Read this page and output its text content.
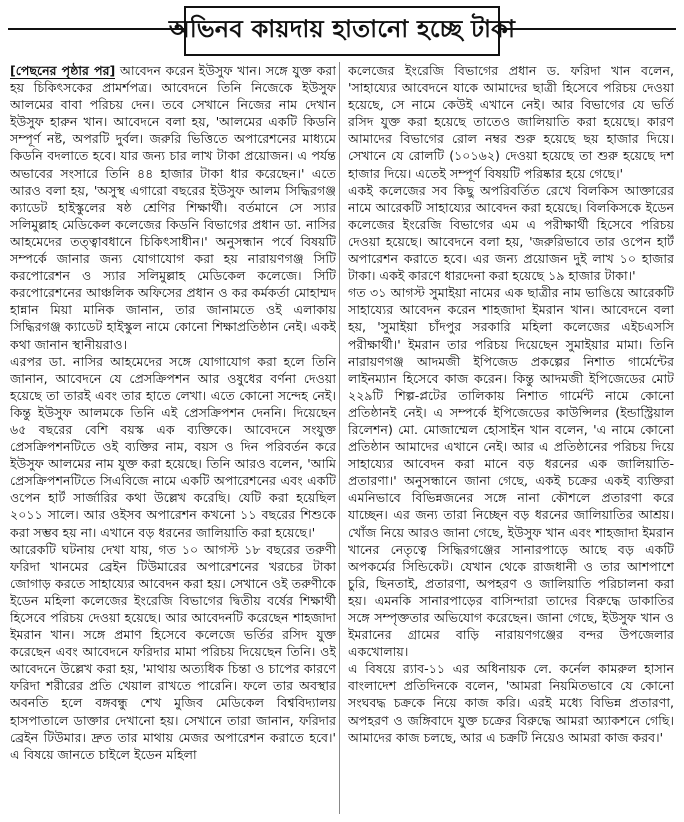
অভিনব কায়দায় হাতানো হচ্ছে টাকা

[পেছনের পৃষ্ঠার পর] আবেদন করেন ইউসুফ খান। সঙ্গে যুক্ত করা হয় চিকিৎসকের প্রামর্শপত্র। আবেদনে তিনি নিজেকে ইউসুফ আলমের বাবা পরিচয় দেন। তবে সেখানে নিজের নাম দেখান ইউসুফ হারুন খান। আবেদনে বলা হয়, 'আলমের একটি কিডনি সম্পূর্ণ নষ্ট, অপরটি দুর্বল। জরুরি ভিত্তিতে অপারেশনের মাধ্যমে কিডনি বদলাতে হবে। যার জন্য চার লাখ টাকা প্রয়োজন। এ পর্যন্ত অভাবের সংসারে তিনি ৪৪ হাজার টাকা ধার করেছেন।' এতে আরও বলা হয়, 'অসুস্থ এগারো বছরের ইউসুফ আলম সিদ্ধিরগঞ্জ ক্যাডেট হাইস্কুলের ষষ্ঠ শ্রেণির শিক্ষার্থী। বর্তমানে সে স্যার সলিমুল্লাহ মেডিকেল কলেজের কিডনি বিভাগের প্রধান ডা. নাসির আহমেদের তত্ত্বাবধানে চিকিৎসাধীন।' অনুসন্ধান পর্বে বিষয়টি সম্পর্কে জানার জন্য যোগাযোগ করা হয় নারায়ণগঞ্জ সিটি করপোরেশন ও স্যার সলিমুল্লাহ মেডিকেল কলেজে। সিটি করপোরেশনের আঞ্চলিক অফিসের প্রধান ও কর কর্মকর্তা মোহাম্মদ হান্নান মিয়া মানিক জানান, তার জানামতে ওই এলাকায় সিদ্ধিরগঞ্জ ক্যাডেট হাইস্কুল নামে কোনো শিক্ষাপ্রতিষ্ঠান নেই। একই কথা জানান স্থানীয়রাও।

এরপর ডা. নাসির আহমেদের সঙ্গে যোগাযোগ করা হলে তিনি জানান, আবেদনে যে প্রেসক্রিপশন আর ওষুধের বর্ণনা দেওয়া হয়েছে তা তারই এবং তার হাতে লেখা। এতে কোনো সন্দেহ নেই। কিন্তু ইউসুফ আলমকে তিনি এই প্রেসক্রিপশন দেননি। দিয়েছেন ৬৫ বছরের বেশি বয়স্ক এক ব্যক্তিকে। আবেদনে সংযুক্ত প্রেসক্রিপশনটিতে ওই ব্যক্তির নাম, বয়স ও দিন পরিবর্তন করে ইউসুফ আলমের নাম যুক্ত করা হয়েছে। তিনি আরও বলেন, 'আমি প্রেসক্রিপশনটিতে সিএবিজে নামে একটি অপারেশনের এবং একটি ওপেন হার্ট সার্জারির কথা উল্লেখ করেছি। যেটি করা হয়েছিল ২০১১ সালে। আর ওইসব অপারেশন কখনো ১১ বছরের শিশুকে করা সম্ভব হয় না। এখানে বড় ধরনের জালিয়াতি করা হয়েছে।'

আরেকটি ঘটনায় দেখা যায়, গত ১০ আগস্ট ১৮ বছরের তরুণী ফরিদা খানমের ব্রেইন টিউমারের অপারেশনের খরচের টাকা জোগাড় করতে সাহায্যের আবেদন করা হয়। সেখানে ওই তরুণীকে ইডেন মহিলা কলেজের ইংরেজি বিভাগের দ্বিতীয় বর্ষের শিক্ষার্থী হিসেবে পরিচয় দেওয়া হয়েছে। আর আবেদনটি করেছেন শাহজাদা ইমরান খান। সঙ্গে প্রমাণ হিসেবে কলেজে ভর্তির রসিদ যুক্ত করেছেন এবং আবেদনে ফরিদার মামা পরিচয় দিয়েছেন তিনি। ওই আবেদনে উল্লেখ করা হয়, 'মাথায় অত্যধিক চিন্তা ও চাপের কারণে ফরিদা শরীরের প্রতি খেয়াল রাখতে পারেনি। ফলে তার অবস্থার অবনতি হলে বঙ্গবন্ধু শেখ মুজিব মেডিকেল বিশ্ববিদ্যালয় হাসপাতালে ডাক্তার দেখানো হয়। সেখানে তারা জানান, ফরিদার ব্রেইন টিউমার। দ্রুত তার মাথায় মেজর অপারেশন করাতে হবে।' এ বিষয়ে জানতে চাইলে ইডেন মহিলা

কলেজের ইংরেজি বিভাগের প্রধান ড. ফরিদা খান বলেন, 'সাহায্যের আবেদনে যাকে আমাদের ছাত্রী হিসেবে পরিচয় দেওয়া হয়েছে, সে নামে কেউই এখানে নেই। আর বিভাগের যে ভর্তি রসিদ যুক্ত করা হয়েছে তাতেও জালিয়াতি করা হয়েছে। কারণ আমাদের বিভাগের রোল নম্বর শুরু হয়েছে ছয় হাজার দিয়ে। সেখানে যে রোলটি (১০১৬২) দেওয়া হয়েছে তা শুরু হয়েছে দশ হাজার দিয়ে। এতেই সম্পূর্ণ বিষয়টি পরিষ্কার হয়ে গেছে।'

একই কলেজের সব কিছু অপরিবর্তিত রেখে বিলকিস আক্তারের নামে আরেকটি সাহায্যের আবেদন করা হয়েছে। বিলকিসকে ইডেন কলেজের ইংরেজি বিভাগের এম এ পরীক্ষার্থী হিসেবে পরিচয় দেওয়া হয়েছে। আবেদনে বলা হয়, 'জরুরিভাবে তার ওপেন হার্ট অপারেশন করাতে হবে। এর জন্য প্রয়োজন দুই লাখ ১০ হাজার টাকা। একই কারণে ধারদেনা করা হয়েছে ১৯ হাজার টাকা।'

গত ৩১ আগস্ট সুমাইয়া নামের এক ছাত্রীর নাম ভাঙিয়ে আরেকটি সাহায্যের আবেদন করেন শাহজাদা ইমরান খান। আবেদনে বলা হয়, 'সুমাইয়া চাঁদপুর সরকারি মহিলা কলেজের এইচএসসি পরীক্ষার্থী।' ইমরান তার পরিচয় দিয়েছেন সুমাইয়ার মামা। তিনি নারায়ণগঞ্জ আদমজী ইপিজেড প্রকল্পের নিশাত গার্মেন্টের লাইনম্যান হিসেবে কাজ করেন। কিন্তু আদমজী ইপিজেডের মোট ২২৯টি শিল্প-প্লটের তালিকায় নিশাত গার্মেন্ট নামে কোনো প্রতিষ্ঠানই নেই। এ সম্পর্কে ইপিজেডের কাউন্সিলর (ইন্ডাস্ট্রিয়াল রিলেশন) মো. মোজাম্মেল হোসাইন খান বলেন, 'এ নামে কোনো প্রতিষ্ঠান আমাদের এখানে নেই। আর এ প্রতিষ্ঠানের পরিচয় দিয়ে সাহায্যের আবেদন করা মানে বড় ধরনের এক জালিয়াতি-প্রতারণা।' অনুসন্ধানে জানা গেছে, একই চক্রের একই ব্যক্তিরা এমনিভাবে বিভিন্নজনের সঙ্গে নানা কৌশলে প্রতারণা করে যাচ্ছেন। এর জন্য তারা নিচ্ছেন বড় ধরনের জালিয়াতির আশ্রয়। খোঁজ নিয়ে আরও জানা গেছে, ইউসুফ খান এবং শাহজাদা ইমরান খানের নেতৃত্বে সিদ্ধিরগঞ্জের সানারপাড়ে আছে বড় একটি অপকর্মের সিন্ডিকেট। যেখান থেকে রাজধানী ও তার আশপাশে চুরি, ছিনতাই, প্রতারণা, অপহরণ ও জালিয়াতি পরিচালনা করা হয়। এমনকি সানারপাড়ের বাসিন্দারা তাদের বিরুদ্ধে ডাকাতির সঙ্গে সম্পৃক্ততার অভিযোগ করেছেন। জানা গেছে, ইউসুফ খান ও ইমরানের গ্রামের বাড়ি নারায়ণগঞ্জের বন্দর উপজেলার একখোলায়।

এ বিষয়ে র‌্যাব-১১ এর অধিনায়ক লে. কর্নেল কামরুল হাসান বাংলাদেশ প্রতিদিনকে বলেন, 'আমরা নিয়মিতভাবে যে কোনো সংঘবদ্ধ চক্রকে নিয়ে কাজ করি। এরই মধ্যে বিভিন্ন প্রতারণা, অপহরণ ও জঙ্গিবাদে যুক্ত চক্রের বিরুদ্ধে আমরা অ্যাকশনে গেছি। আমাদের কাজ চলছে, আর এ চক্রটি নিয়েও আমরা কাজ করব।'
